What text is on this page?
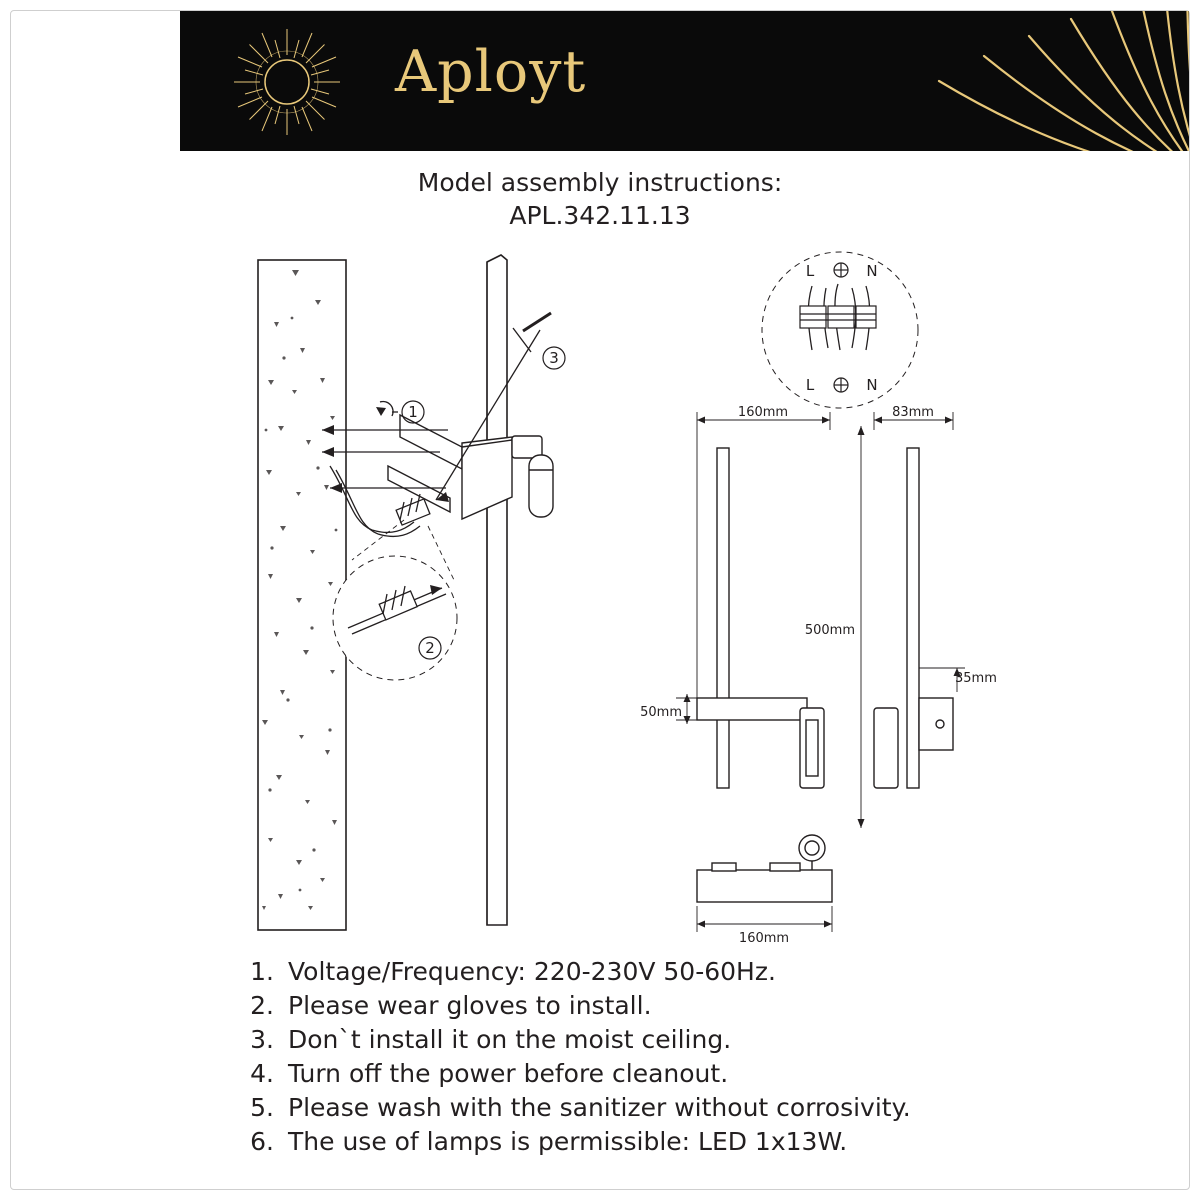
Aployt
Model assembly instructions:
APL.342.11.13
1
3
2
L	N
L	N
160mm
500mm
50mm
83mm
35mm
160mm
1. Voltage/Frequency: 220-230V 50-60Hz.
2. Please wear gloves to install.
3. Don`t install it on the moist ceiling.
4. Turn off the power before cleanout.
5. Please wash with the sanitizer without corrosivity.
6. The use of lamps is permissible: LED 1x13W.
